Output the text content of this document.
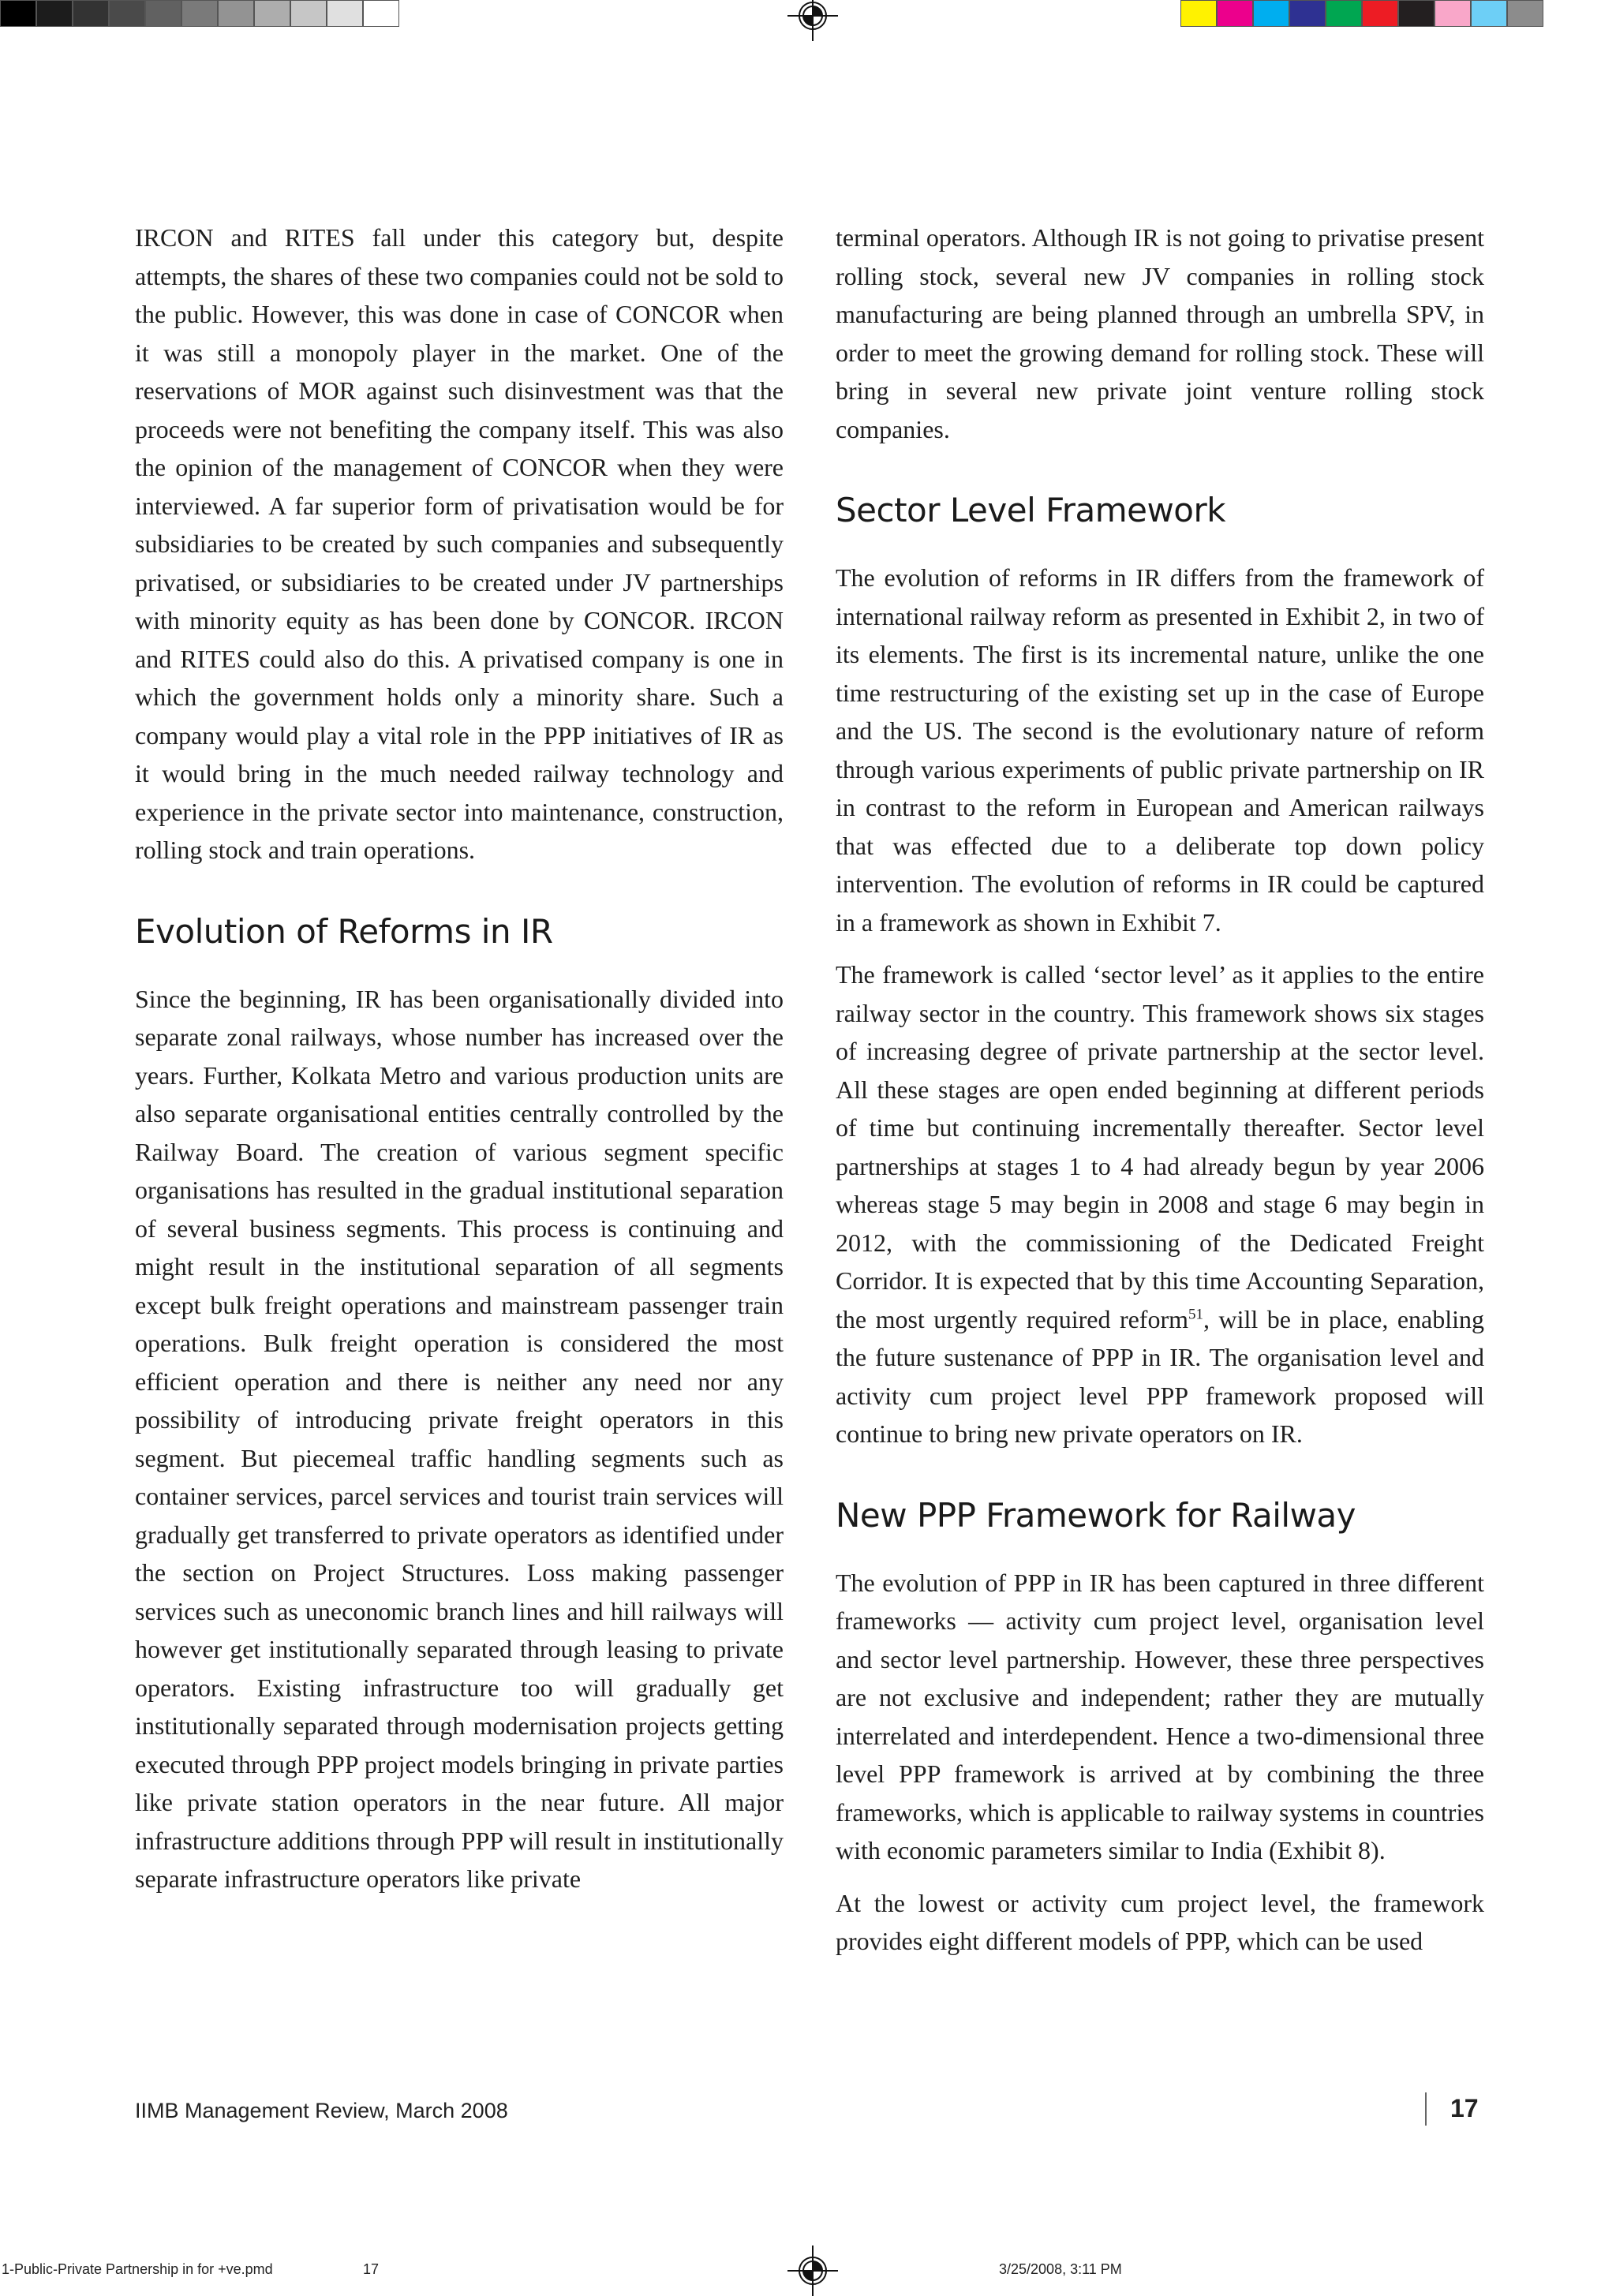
IRCON and RITES fall under this category but, despite attempts, the shares of these two companies could not be sold to the public. However, this was done in case of CONCOR when it was still a monopoly player in the market. One of the reservations of MOR against such disinvestment was that the proceeds were not benefiting the company itself. This was also the opinion of the management of CONCOR when they were interviewed. A far superior form of privatisation would be for subsidiaries to be created by such companies and subsequently privatised, or subsidiaries to be created under JV partnerships with minority equity as has been done by CONCOR. IRCON and RITES could also do this. A privatised company is one in which the government holds only a minority share. Such a company would play a vital role in the PPP initiatives of IR as it would bring in the much needed railway technology and experience in the private sector into maintenance, construction, rolling stock and train operations.

Evolution of Reforms in IR

Since the beginning, IR has been organisationally divided into separate zonal railways, whose number has increased over the years. Further, Kolkata Metro and various production units are also separate organisational entities centrally controlled by the Railway Board. The creation of various segment specific organisations has resulted in the gradual institutional separation of several business segments. This process is continuing and might result in the institutional separation of all segments except bulk freight operations and mainstream passenger train operations. Bulk freight operation is considered the most efficient operation and there is neither any need nor any possibility of introducing private freight operators in this segment. But piecemeal traffic handling segments such as container services, parcel services and tourist train services will gradually get transferred to private operators as identified under the section on Project Structures. Loss making passenger services such as uneconomic branch lines and hill railways will however get institutionally separated through leasing to private operators. Existing infrastructure too will gradually get institutionally separated through modernisation projects getting executed through PPP project models bringing in private parties like private station operators in the near future. All major infrastructure additions through PPP will result in institutionally separate infrastructure operators like private

terminal operators. Although IR is not going to privatise present rolling stock, several new JV companies in rolling stock manufacturing are being planned through an umbrella SPV, in order to meet the growing demand for rolling stock. These will bring in several new private joint venture rolling stock companies.

Sector Level Framework

The evolution of reforms in IR differs from the framework of international railway reform as presented in Exhibit 2, in two of its elements. The first is its incremental nature, unlike the one time restructuring of the existing set up in the case of Europe and the US. The second is the evolutionary nature of reform through various experiments of public private partnership on IR in contrast to the reform in European and American railways that was effected due to a deliberate top down policy intervention. The evolution of reforms in IR could be captured in a framework as shown in Exhibit 7.

The framework is called ‘sector level’ as it applies to the entire railway sector in the country. This framework shows six stages of increasing degree of private partnership at the sector level. All these stages are open ended beginning at different periods of time but continuing incrementally thereafter. Sector level partnerships at stages 1 to 4 had already begun by year 2006 whereas stage 5 may begin in 2008 and stage 6 may begin in 2012, with the commissioning of the Dedicated Freight Corridor. It is expected that by this time Accounting Separation, the most urgently required reform$^{51}$, will be in place, enabling the future sustenance of PPP in IR. The organisation level and activity cum project level PPP framework proposed will continue to bring new private operators on IR.

New PPP Framework for Railway

The evolution of PPP in IR has been captured in three different frameworks — activity cum project level, organisation level and sector level partnership. However, these three perspectives are not exclusive and independent; rather they are mutually interrelated and interdependent. Hence a two-dimensional three level PPP framework is arrived at by combining the three frameworks, which is applicable to railway systems in countries with economic parameters similar to India (Exhibit 8).

At the lowest or activity cum project level, the framework provides eight different models of PPP, which can be used

IIMB Management Review, March 2008	17
1-Public-Private Partnership in for +ve.pmd	17	3/25/2008, 3:11 PM
